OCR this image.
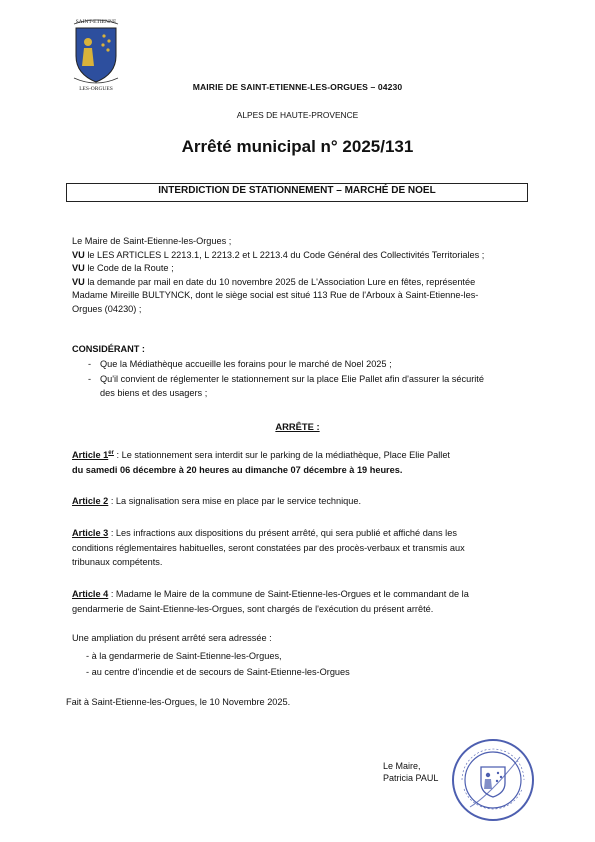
SAINT-ETIENNE
LES-ORGUES	MAIRIE DE SAINT-ETIENNE-LES-ORGUES – 04230
ALPES DE HAUTE-PROVENCE
Arrêté municipal n° 2025/131
INTERDICTION DE STATIONNEMENT – MARCHÉ DE NOEL
Le Maire de Saint-Etienne-les-Orgues ;
VU le LES ARTICLES L 2213.1, L 2213.2 et L 2213.4 du Code Général des Collectivités Territoriales ;
VU le Code de la Route ;
VU la demande par mail en date du 10 novembre 2025 de L'Association Lure en fêtes, représentée
Madame Mireille BULTYNCK, dont le siège social est situé 113 Rue de l'Arboux à Saint-Etienne-les-
Orgues (04230) ;
CONSIDÉRANT :
- Que la Médiathèque accueille les forains pour le marché de Noel 2025 ;
- Qu'il convient de réglementer le stationnement sur la place Elie Pallet afin d'assurer la sécurité
des biens et des usagers ;
ARRÊTE :
Article 1er : Le stationnement sera interdit sur le parking de la médiathèque, Place Elie Pallet
du samedi 06 décembre à 20 heures au dimanche 07 décembre à 19 heures.
Article 2 : La signalisation sera mise en place par le service technique.
Article 3 : Les infractions aux dispositions du présent arrêté, qui sera publié et affiché dans les
conditions réglementaires habituelles, seront constatées par des procès-verbaux et transmis aux
tribunaux compétents.
Article 4 : Madame le Maire de la commune de Saint-Etienne-les-Orgues et le commandant de la
gendarmerie de Saint-Etienne-les-Orgues, sont chargés de l'exécution du présent arrêté.
Une ampliation du présent arrêté sera adressée :
- à la gendarmerie de Saint-Etienne-les-Orgues,
- au centre d'incendie et de secours de Saint-Etienne-les-Orgues
Fait à Saint-Etienne-les-Orgues, le 10 Novembre 2025.
Le Maire,
Patricia PAUL
